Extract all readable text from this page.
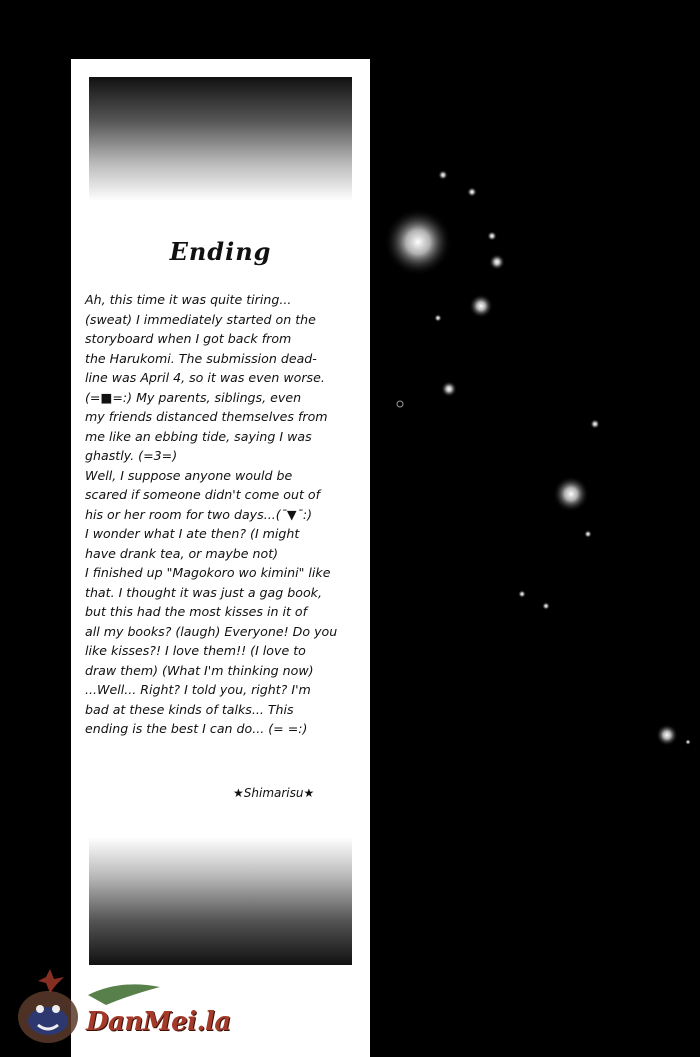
Ending
Ah, this time it was quite tiring...
(sweat) I immediately started on the
storyboard when I got back from
the Harukomi. The submission dead-
line was April 4, so it was even worse.
(=■=:) My parents, siblings, even
my friends distanced themselves from
me like an ebbing tide, saying I was
ghastly. (=3=)
Well, I suppose anyone would be
scared if someone didn't come out of
his or her room for two days...(¯▼¯:)
I wonder what I ate then? (I might
have drank tea, or maybe not)
I finished up "Magokoro wo kimini" like
that. I thought it was just a gag book,
but this had the most kisses in it of
all my books? (laugh) Everyone! Do you
like kisses?! I love them!! (I love to
draw them) (What I'm thinking now)
...Well... Right? I told you, right? I'm
bad at these kinds of talks... This
ending is the best I can do... (= =:)
★Shimarisu★
DanMei.la
